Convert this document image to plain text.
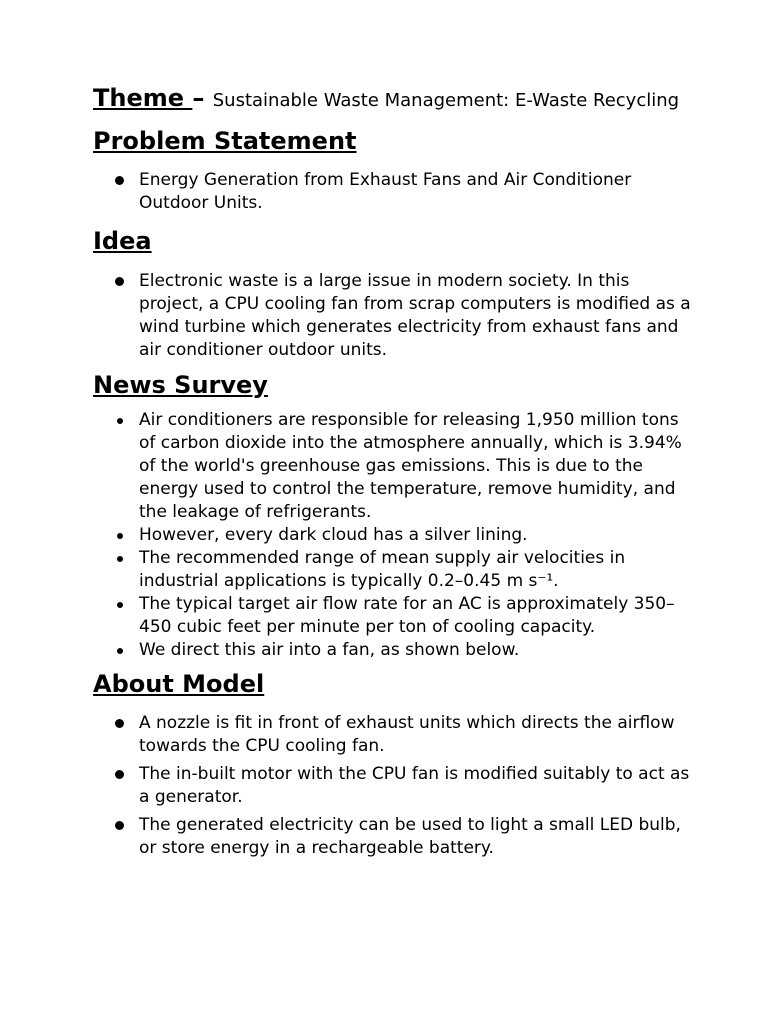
Theme – Sustainable Waste Management: E-Waste Recycling

Problem Statement
Energy Generation from Exhaust Fans and Air Conditioner Outdoor Units.
Idea
Electronic waste is a large issue in modern society. In this project, a CPU cooling fan from scrap computers is modified as a wind turbine which generates electricity from exhaust fans and air conditioner outdoor units.
News Survey
Air conditioners are responsible for releasing 1,950 million tons of carbon dioxide into the atmosphere annually, which is 3.94% of the world's greenhouse gas emissions. This is due to the energy used to control the temperature, remove humidity, and the leakage of refrigerants.
However, every dark cloud has a silver lining.
The recommended range of mean supply air velocities in industrial applications is typically 0.2–0.45 m s⁻¹.
The typical target air flow rate for an AC is approximately 350–450 cubic feet per minute per ton of cooling capacity.
We direct this air into a fan, as shown below.
About Model
A nozzle is fit in front of exhaust units which directs the airflow towards the CPU cooling fan.
The in-built motor with the CPU fan is modified suitably to act as a generator.
The generated electricity can be used to light a small LED bulb, or store energy in a rechargeable battery.
